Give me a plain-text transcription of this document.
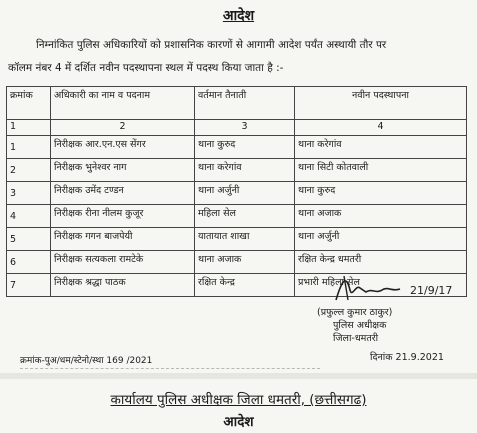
आदेश
निम्नांकित पुलिस अधिकारियों को प्रशासनिक कारणों से आगामी आदेश पर्यंत अस्थायी तौर पर
कॉलम नंबर 4 में दर्शित नवीन पदस्थापना स्थल में पदस्थ किया जाता है :-
क्रमांक	अधिकारी का नाम व पदनाम	वर्तमान तैनाती	नवीन पदस्थापना
1	2	3	4
1	निरीक्षक आर.एन.एस सेंगर	थाना कुरुद	थाना करेगांव
2	निरीक्षक भुनेश्वर नाग	थाना करेगांव	थाना सिटी कोतवाली
3	निरीक्षक उमेंद टण्डन	थाना अर्जुनी	थाना कुरुद
4	निरीक्षक रीना नीलम कुजूर	महिला सेल	थाना अजाक
5	निरीक्षक गगन बाजपेयी	यातायात शाखा	थाना अर्जुनी
6	निरीक्षक सत्यकला रामटेके	थाना अजाक	रक्षित केन्द्र धमतरी
7	निरीक्षक श्रद्धा पाठक	रक्षित केन्द्र	प्रभारी महिला सेल
21/9/17
(प्रफुल्ल कुमार ठाकुर)
पुलिस अधीक्षक
जिला-धमतरी
क्रमांक-पुअ/धम/स्टेनो/स्था 169 /2021	दिनांक 21.9.2021
कार्यालय पुलिस अधीक्षक जिला धमतरी, (छत्तीसगढ)
आदेश
